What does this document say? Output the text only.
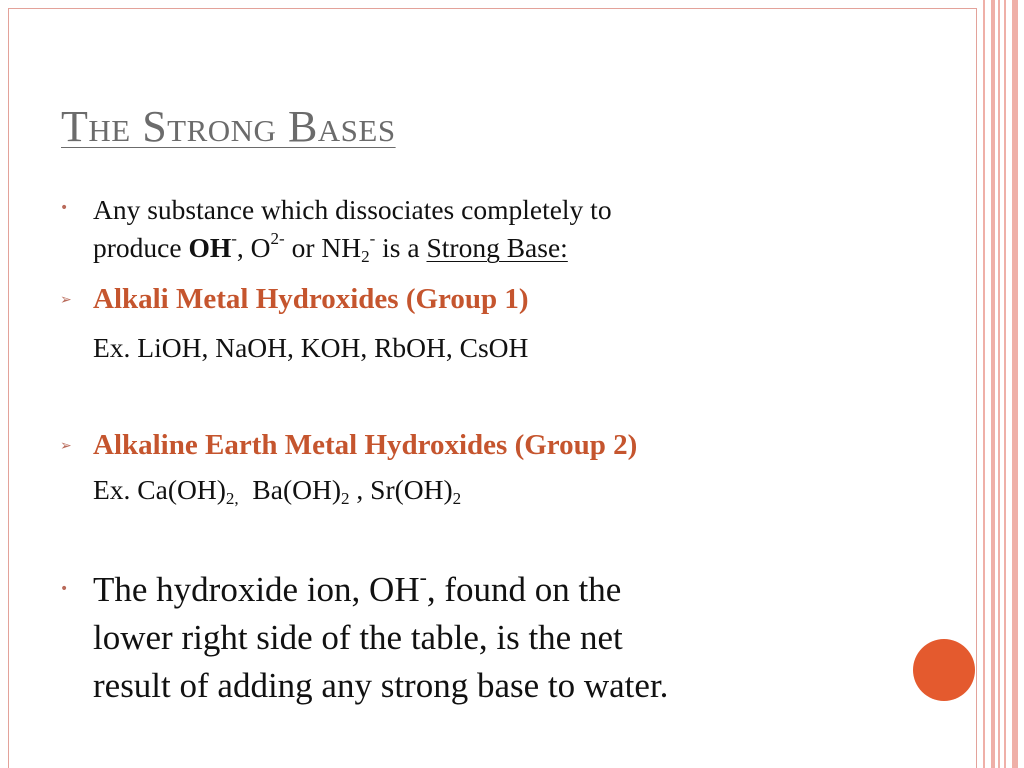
The Strong Bases
• Any substance which dissociates completely to
produce OH-, $O^{2-}$ or $NH_2^-$ is a Strong Base:
➢ Alkali Metal Hydroxides (Group 1)
Ex. LiOH, NaOH, KOH, RbOH, CsOH
➢ Alkaline Earth Metal Hydroxides (Group 2)
Ex. $Ca(OH)_{2,}$ $Ba(OH)_2$ , $Sr(OH)_2$
• The hydroxide ion, OH-, found on the
lower right side of the table, is the net
result of adding any strong base to water.
